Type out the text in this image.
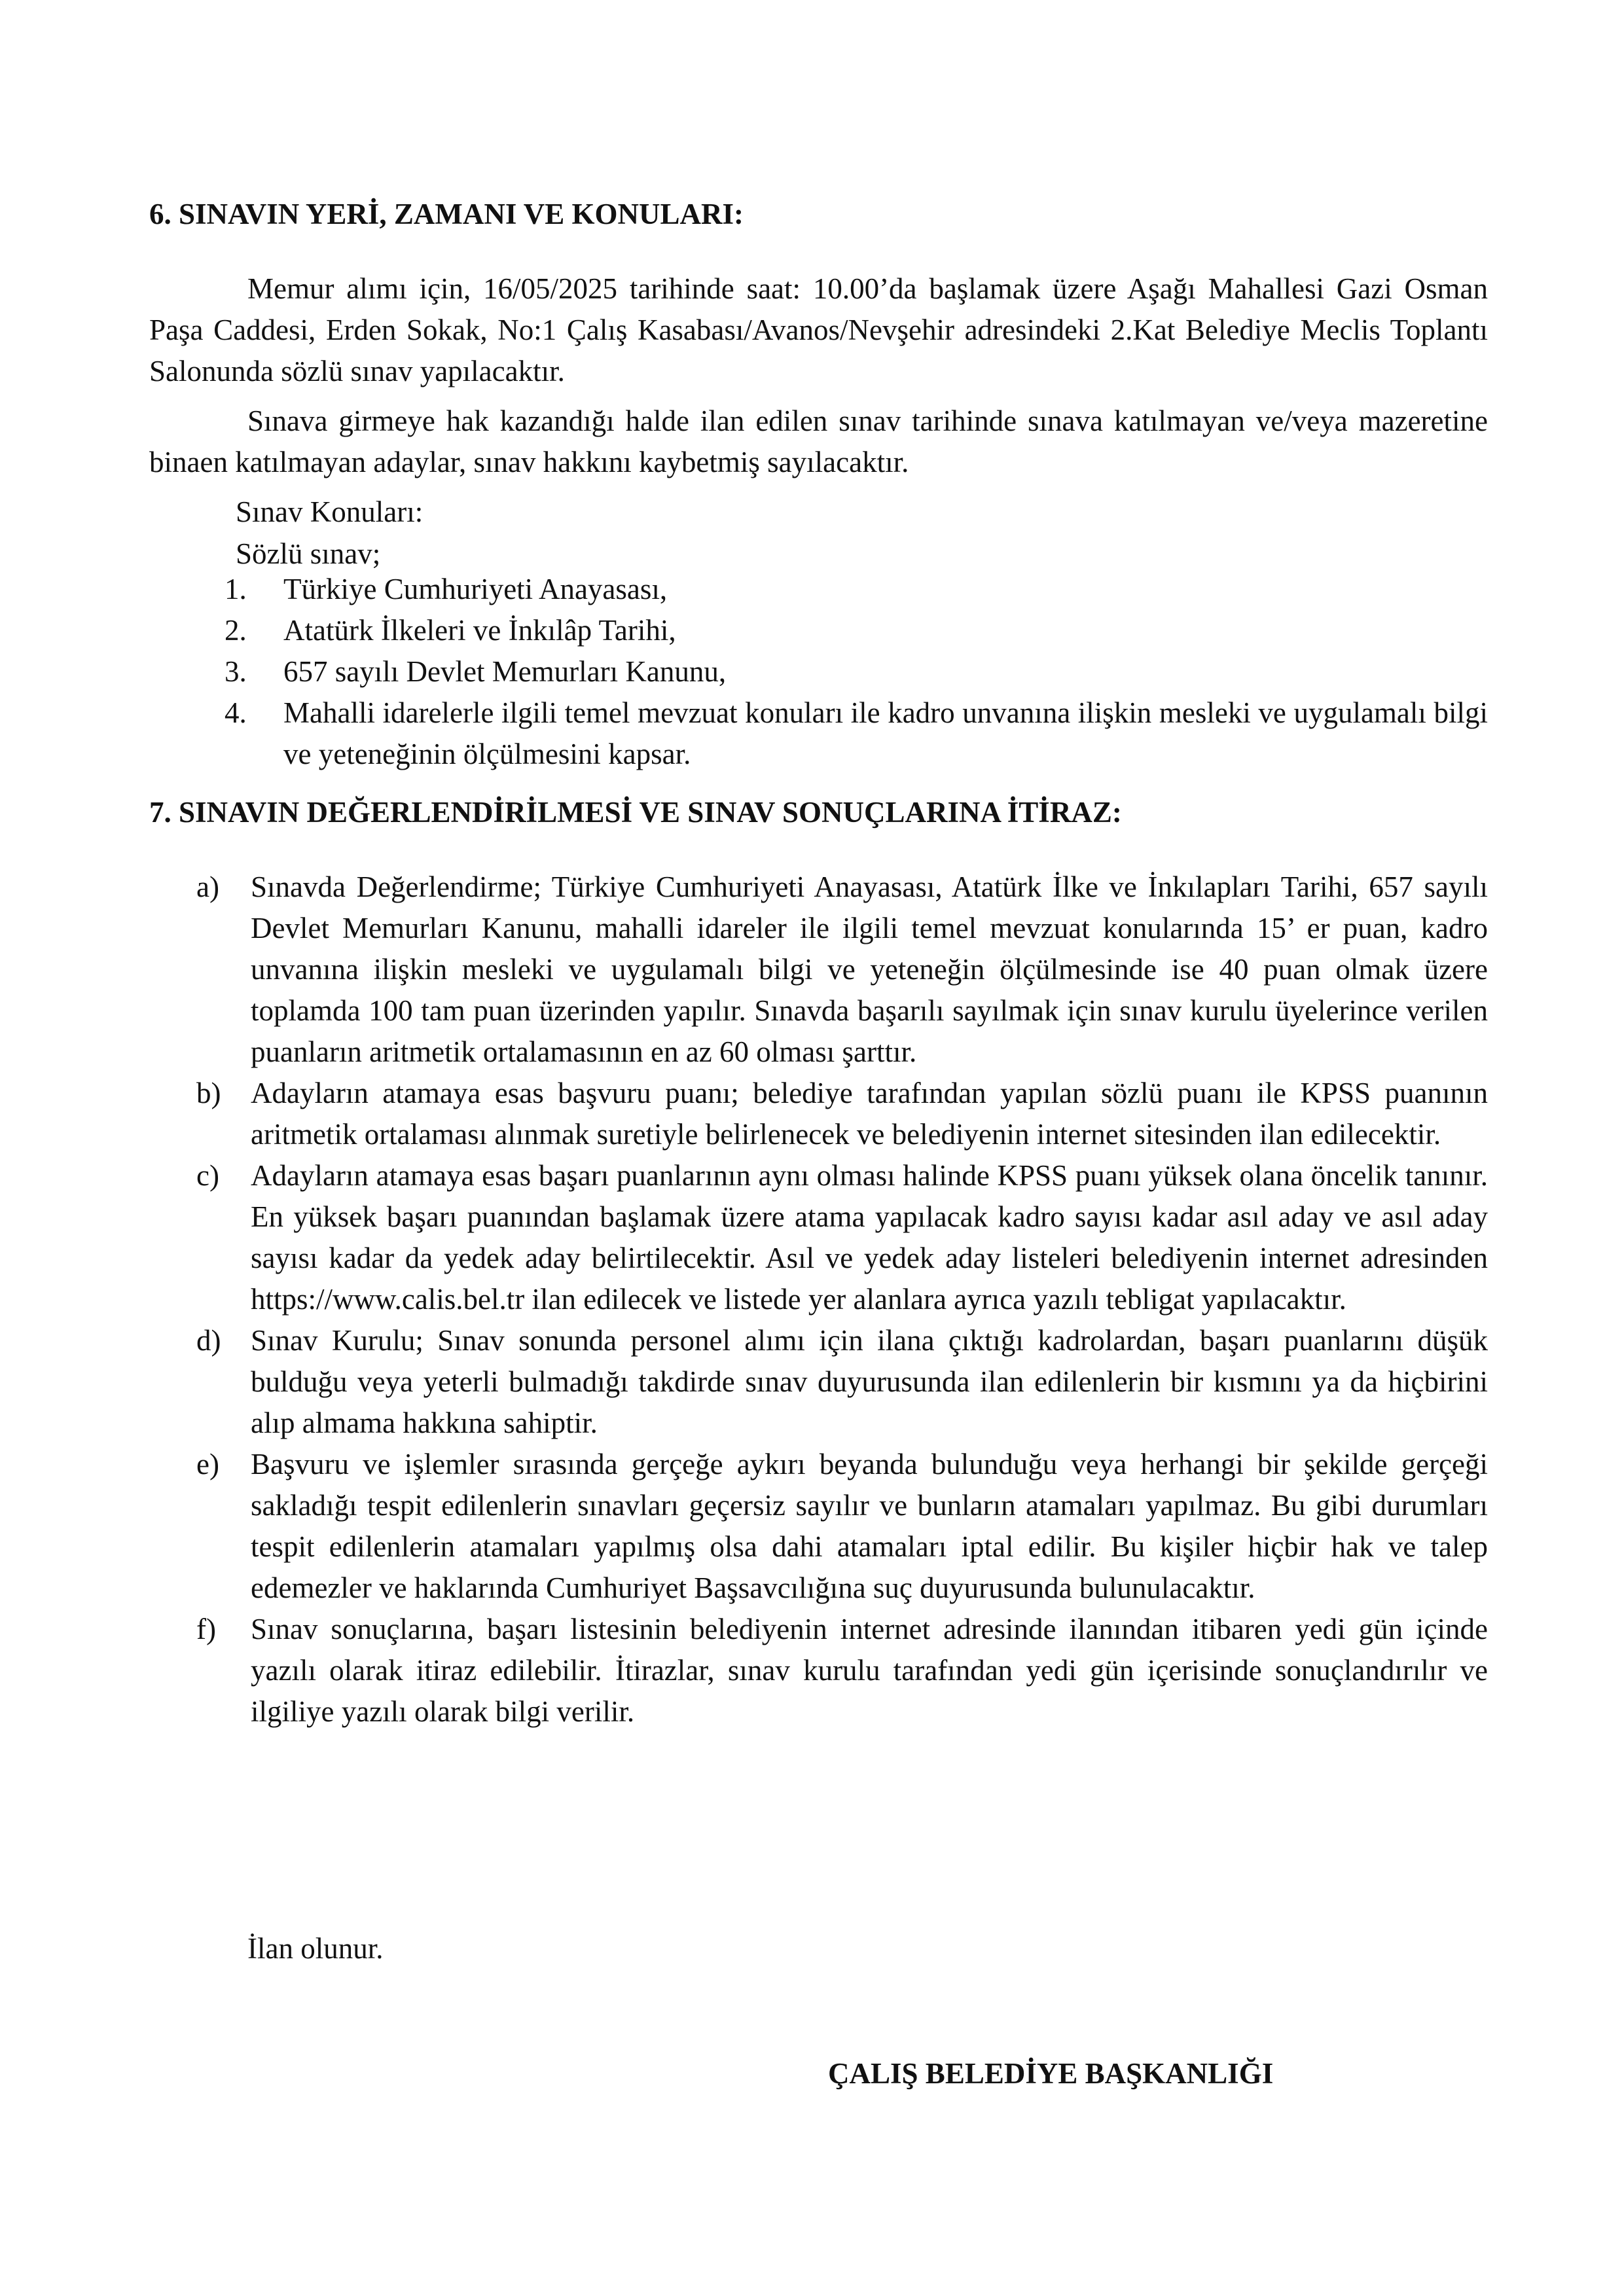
6. SINAVIN YERİ, ZAMANI VE KONULARI:

Memur alımı için, 16/05/2025 tarihinde saat: 10.00’da başlamak üzere Aşağı Mahallesi Gazi Osman Paşa Caddesi, Erden Sokak, No:1 Çalış Kasabası/Avanos/Nevşehir adresindeki 2.Kat Belediye Meclis Toplantı Salonunda sözlü sınav yapılacaktır.

Sınava girmeye hak kazandığı halde ilan edilen sınav tarihinde sınava katılmayan ve/veya mazeretine binaen katılmayan adaylar, sınav hakkını kaybetmiş sayılacaktır.

Sınav Konuları:

Sözlü sınav;

1. Türkiye Cumhuriyeti Anayasası,
2. Atatürk İlkeleri ve İnkılâp Tarihi,
3. 657 sayılı Devlet Memurları Kanunu,
4. Mahalli idarelerle ilgili temel mevzuat konuları ile kadro unvanına ilişkin mesleki ve uygulamalı bilgi ve yeteneğinin ölçülmesini kapsar.
7. SINAVIN DEĞERLENDİRİLMESİ VE SINAV SONUÇLARINA İTİRAZ:
a) Sınavda Değerlendirme; Türkiye Cumhuriyeti Anayasası, Atatürk İlke ve İnkılapları Tarihi, 657 sayılı Devlet Memurları Kanunu, mahalli idareler ile ilgili temel mevzuat konularında 15’ er puan, kadro unvanına ilişkin mesleki ve uygulamalı bilgi ve yeteneğin ölçülmesinde ise 40 puan olmak üzere toplamda 100 tam puan üzerinden yapılır. Sınavda başarılı sayılmak için sınav kurulu üyelerince verilen puanların aritmetik ortalamasının en az 60 olması şarttır.
b) Adayların atamaya esas başvuru puanı; belediye tarafından yapılan sözlü puanı ile KPSS puanının aritmetik ortalaması alınmak suretiyle belirlenecek ve belediyenin internet sitesinden ilan edilecektir.
c) Adayların atamaya esas başarı puanlarının aynı olması halinde KPSS puanı yüksek olana öncelik tanınır. En yüksek başarı puanından başlamak üzere atama yapılacak kadro sayısı kadar asıl aday ve asıl aday sayısı kadar da yedek aday belirtilecektir. Asıl ve yedek aday listeleri belediyenin internet adresinden https://www.calis.bel.tr ilan edilecek ve listede yer alanlara ayrıca yazılı tebligat yapılacaktır.
d) Sınav Kurulu; Sınav sonunda personel alımı için ilana çıktığı kadrolardan, başarı puanlarını düşük bulduğu veya yeterli bulmadığı takdirde sınav duyurusunda ilan edilenlerin bir kısmını ya da hiçbirini alıp almama hakkına sahiptir.
e) Başvuru ve işlemler sırasında gerçeğe aykırı beyanda bulunduğu veya herhangi bir şekilde gerçeği sakladığı tespit edilenlerin sınavları geçersiz sayılır ve bunların atamaları yapılmaz. Bu gibi durumları tespit edilenlerin atamaları yapılmış olsa dahi atamaları iptal edilir. Bu kişiler hiçbir hak ve talep edemezler ve haklarında Cumhuriyet Başsavcılığına suç duyurusunda bulunulacaktır.
f) Sınav sonuçlarına, başarı listesinin belediyenin internet adresinde ilanından itibaren yedi gün içinde yazılı olarak itiraz edilebilir. İtirazlar, sınav kurulu tarafından yedi gün içerisinde sonuçlandırılır ve ilgiliye yazılı olarak bilgi verilir.

İlan olunur.

ÇALIŞ BELEDİYE BAŞKANLIĞI
